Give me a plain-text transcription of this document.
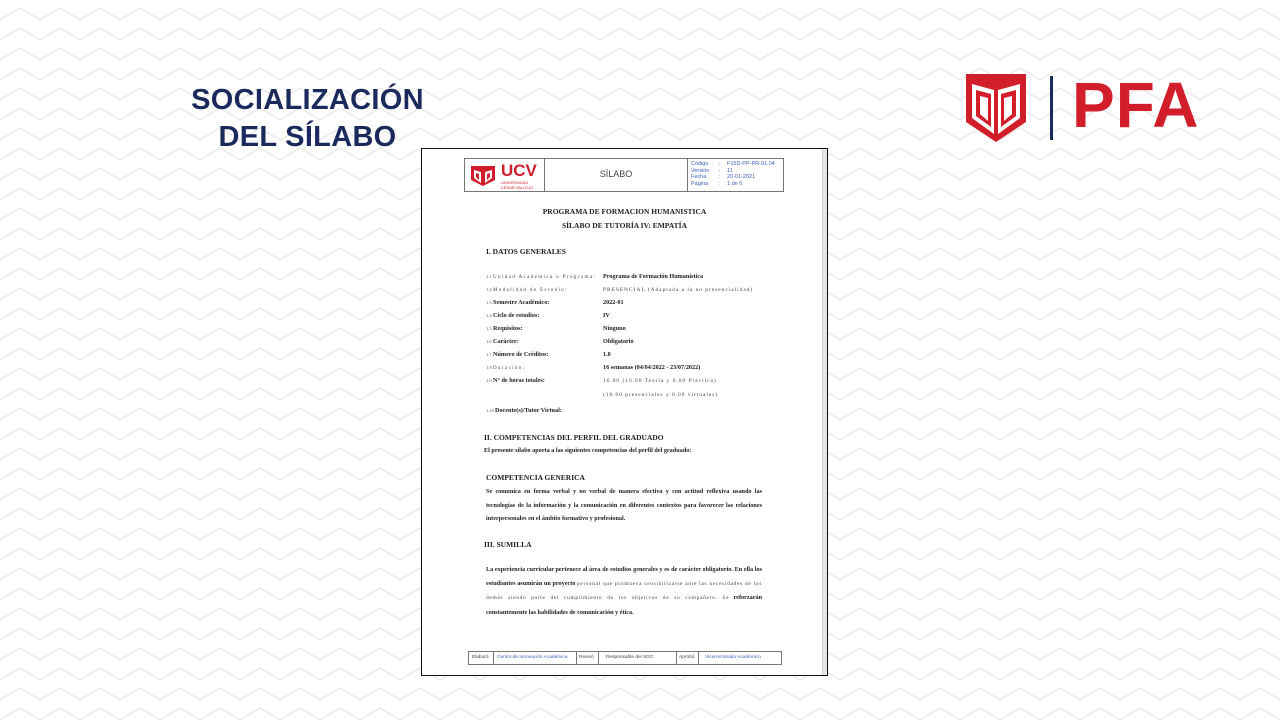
SOCIALIZACIÓN
DEL SÍLABO	PFA
UCV
UNIVERSIDAD CÉSAR VALLEJO
SÍLABO
Código : F15D-PP-PR-01.04
Versión : 11
Fecha : 20-01-2021
Página : 1 de 6
PROGRAMA DE FORMACION HUMANISTICA
SÍLABO DE TUTORÍA IV: EMPATÍA
I. DATOS GENERALES
1.1Unidad Académica o Programa: Programa de Formación Humanística
1.2Modalidad de Estudio:	PRESENCIAL (Adaptada a la no presencialidad)
1.3Semestre Académico:	2022-01
1.4Ciclo de estudios:	IV
1.5Requisitos:	Ninguno
1.6Carácter:	Obligatorio
1.7Número de Créditos:	1.0
1.8Duración:	16 semanas (04/04/2022 - 23/07/2022)
1.9N° de horas totales:	16.00 (16.00 Teoría y 0.00 Práctica)
(16.00 presenciales y 0.00 virtuales)
1.10Docente(s)/Tutor Virtual:
II. COMPETENCIAS DEL PERFIL DEL GRADUADO
El presente sílabo aporta a las siguientes competencias del perfil del graduado:
COMPETENCIA GENERICA
Se comunica en forma verbal y no verbal de manera efectiva y con actitud reflexiva usando las tecnologías de la información y la comunicación en diferentes contextos para favorecer las relaciones interpersonales en el ámbito formativo y profesional.
III. SUMILLA
La experiencia curricular pertenece al área de estudios generales y es de carácter obligatorio. En ella los estudiantes asumirán un proyecto personal que promueva sensibilizarse ante las necesidades de los demás siendo parte del cumplimiento de los objetivos de su compañero. Se reforzarán constantemente las habilidades de comunicación y ética.
Elaboró Centro de Innovación Académica Revisó	Responsable del SGC	Aprobó Vicerrectorado Académico
